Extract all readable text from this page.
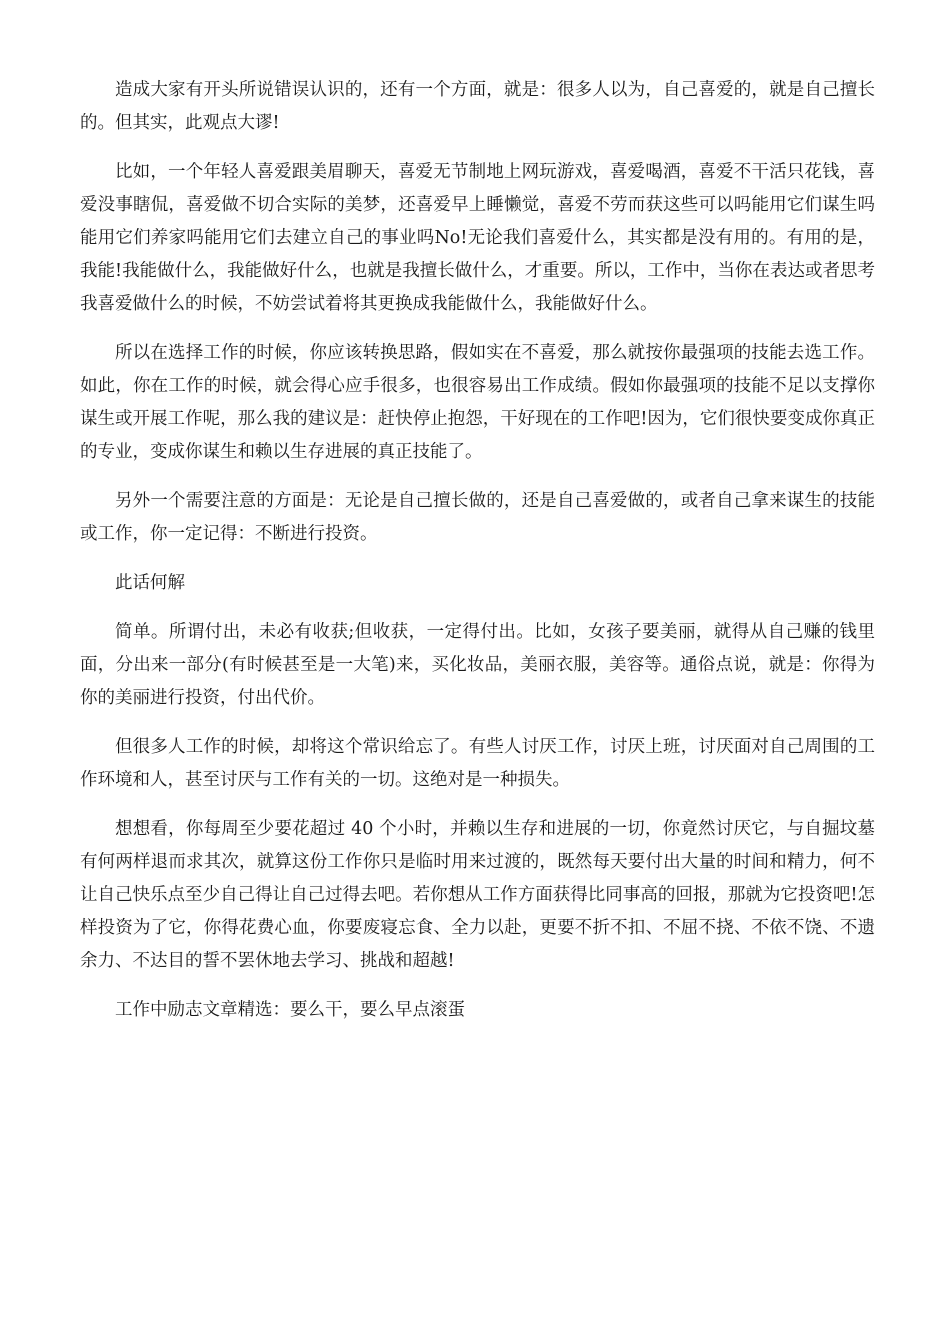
造成大家有开头所说错误认识的，还有一个方面，就是：很多人以为，自己喜爱的，就是自己擅长的。但其实，此观点大谬!

比如，一个年轻人喜爱跟美眉聊天，喜爱无节制地上网玩游戏，喜爱喝酒，喜爱不干活只花钱，喜爱没事瞎侃，喜爱做不切合实际的美梦，还喜爱早上睡懒觉，喜爱不劳而获这些可以吗能用它们谋生吗能用它们养家吗能用它们去建立自己的事业吗No!无论我们喜爱什么，其实都是没有用的。有用的是，我能!我能做什么，我能做好什么，也就是我擅长做什么，才重要。所以，工作中，当你在表达或者思考我喜爱做什么的时候，不妨尝试着将其更换成我能做什么，我能做好什么。

所以在选择工作的时候，你应该转换思路，假如实在不喜爱，那么就按你最强项的技能去选工作。如此，你在工作的时候，就会得心应手很多，也很容易出工作成绩。假如你最强项的技能不足以支撑你谋生或开展工作呢，那么我的建议是：赶快停止抱怨，干好现在的工作吧!因为，它们很快要变成你真正的专业，变成你谋生和赖以生存进展的真正技能了。

另外一个需要注意的方面是：无论是自己擅长做的，还是自己喜爱做的，或者自己拿来谋生的技能或工作，你一定记得：不断进行投资。

此话何解

简单。所谓付出，未必有收获;但收获，一定得付出。比如，女孩子要美丽，就得从自己赚的钱里面，分出来一部分(有时候甚至是一大笔)来，买化妆品，美丽衣服，美容等。通俗点说，就是：你得为你的美丽进行投资，付出代价。

但很多人工作的时候，却将这个常识给忘了。有些人讨厌工作，讨厌上班，讨厌面对自己周围的工作环境和人，甚至讨厌与工作有关的一切。这绝对是一种损失。

想想看，你每周至少要花超过 40 个小时，并赖以生存和进展的一切，你竟然讨厌它，与自掘坟墓有何两样退而求其次，就算这份工作你只是临时用来过渡的，既然每天要付出大量的时间和精力，何不让自己快乐点至少自己得让自己过得去吧。若你想从工作方面获得比同事高的回报，那就为它投资吧!怎样投资为了它，你得花费心血，你要废寝忘食、全力以赴，更要不折不扣、不屈不挠、不依不饶、不遗余力、不达目的誓不罢休地去学习、挑战和超越!

工作中励志文章精选：要么干，要么早点滚蛋
